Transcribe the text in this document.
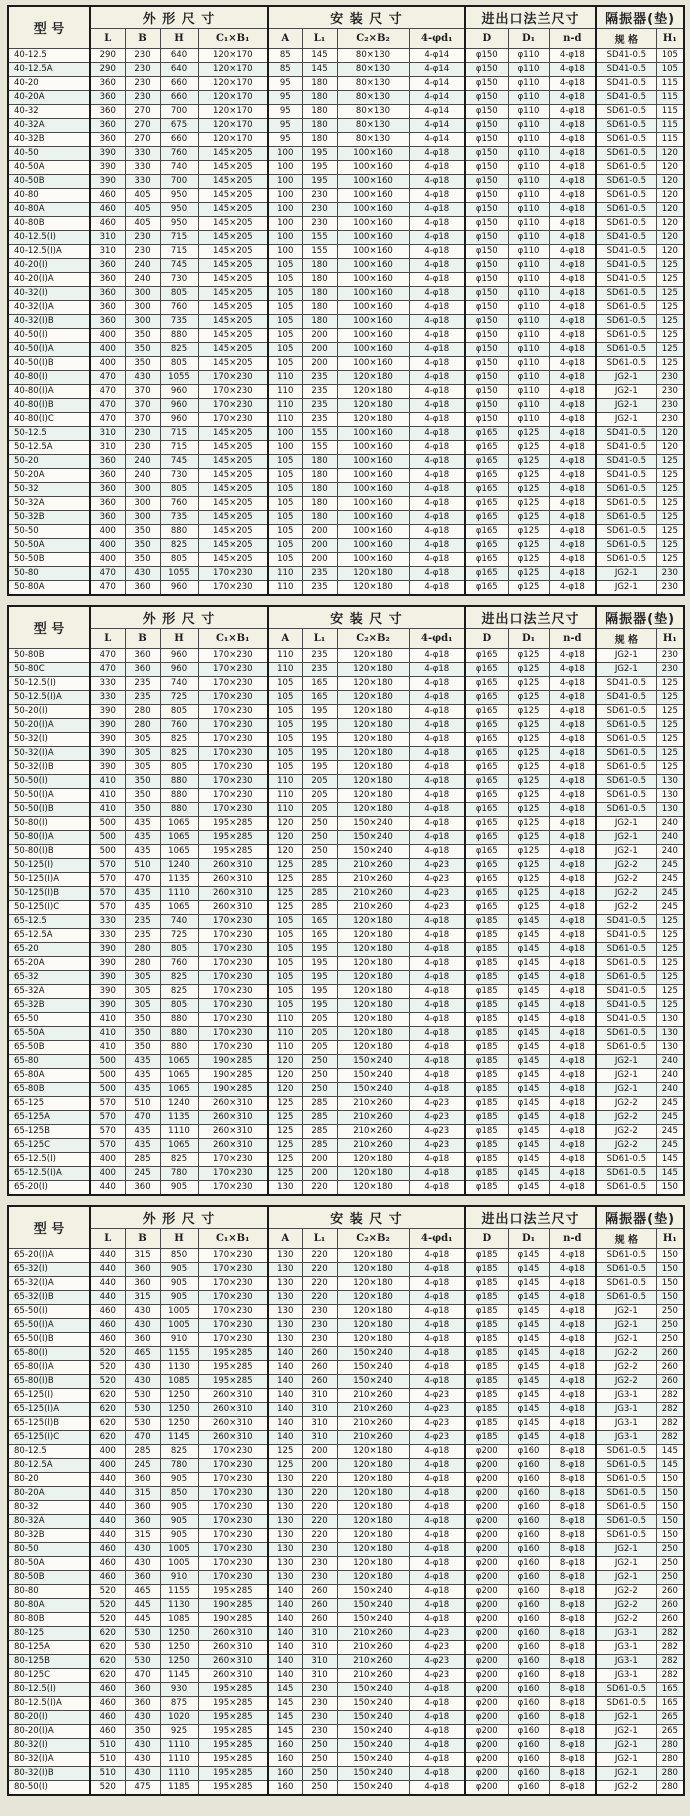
型 号	外 形 尺 寸				安 装 尺 寸				进出口法兰尺寸			隔振器(垫)	
	L	B	H	C₁×B₁	A	L₁	C₂×B₂	4-φd₁	D	D₁	n-d	规 格	H₁
40-12.5	290	230	640	120×170	85	145	80×130	4-φ14	φ150	φ110	4-φ18	SD41-0.5	105
40-12.5A	290	230	640	120×170	85	145	80×130	4-φ14	φ150	φ110	4-φ18	SD41-0.5	105
40-20	360	230	660	120×170	95	180	80×130	4-φ14	φ150	φ110	4-φ18	SD41-0.5	115
40-20A	360	230	660	120×170	95	180	80×130	4-φ14	φ150	φ110	4-φ18	SD41-0.5	115
40-32	360	270	700	120×170	95	180	80×130	4-φ14	φ150	φ110	4-φ18	SD61-0.5	115
40-32A	360	270	675	120×170	95	180	80×130	4-φ14	φ150	φ110	4-φ18	SD61-0.5	115
40-32B	360	270	660	120×170	95	180	80×130	4-φ14	φ150	φ110	4-φ18	SD61-0.5	115
40-50	390	330	760	145×205	100	195	100×160	4-φ18	φ150	φ110	4-φ18	SD61-0.5	120
40-50A	390	330	740	145×205	100	195	100×160	4-φ18	φ150	φ110	4-φ18	SD61-0.5	120
40-50B	390	330	700	145×205	100	195	100×160	4-φ18	φ150	φ110	4-φ18	SD61-0.5	120
40-80	460	405	950	145×205	100	230	100×160	4-φ18	φ150	φ110	4-φ18	SD61-0.5	120
40-80A	460	405	950	145×205	100	230	100×160	4-φ18	φ150	φ110	4-φ18	SD61-0.5	120
40-80B	460	405	950	145×205	100	230	100×160	4-φ18	φ150	φ110	4-φ18	SD61-0.5	120
40-12.5(I)	310	230	715	145×205	100	155	100×160	4-φ18	φ150	φ110	4-φ18	SD41-0.5	120
40-12.5(I)A	310	230	715	145×205	100	155	100×160	4-φ18	φ150	φ110	4-φ18	SD41-0.5	120
40-20(I)	360	240	745	145×205	105	180	100×160	4-φ18	φ150	φ110	4-φ18	SD41-0.5	125
40-20(I)A	360	240	730	145×205	105	180	100×160	4-φ18	φ150	φ110	4-φ18	SD41-0.5	125
40-32(I)	360	300	805	145×205	105	180	100×160	4-φ18	φ150	φ110	4-φ18	SD61-0.5	125
40-32(I)A	360	300	760	145×205	105	180	100×160	4-φ18	φ150	φ110	4-φ18	SD61-0.5	125
40-32(I)B	360	300	735	145×205	105	180	100×160	4-φ18	φ150	φ110	4-φ18	SD61-0.5	125
40-50(I)	400	350	880	145×205	105	200	100×160	4-φ18	φ150	φ110	4-φ18	SD61-0.5	125
40-50(I)A	400	350	825	145×205	105	200	100×160	4-φ18	φ150	φ110	4-φ18	SD61-0.5	125
40-50(I)B	400	350	805	145×205	105	200	100×160	4-φ18	φ150	φ110	4-φ18	SD61-0.5	125
40-80(I)	470	430	1055	170×230	110	235	120×180	4-φ18	φ150	φ110	4-φ18	JG2-1	230
40-80(I)A	470	370	960	170×230	110	235	120×180	4-φ18	φ150	φ110	4-φ18	JG2-1	230
40-80(I)B	470	370	960	170×230	110	235	120×180	4-φ18	φ150	φ110	4-φ18	JG2-1	230
40-80(I)C	470	370	960	170×230	110	235	120×180	4-φ18	φ150	φ110	4-φ18	JG2-1	230
50-12.5	310	230	715	145×205	100	155	100×160	4-φ18	φ165	φ125	4-φ18	SD41-0.5	120
50-12.5A	310	230	715	145×205	100	155	100×160	4-φ18	φ165	φ125	4-φ18	SD41-0.5	120
50-20	360	240	745	145×205	105	180	100×160	4-φ18	φ165	φ125	4-φ18	SD41-0.5	125
50-20A	360	240	730	145×205	105	180	100×160	4-φ18	φ165	φ125	4-φ18	SD41-0.5	125
50-32	360	300	805	145×205	105	180	100×160	4-φ18	φ165	φ125	4-φ18	SD61-0.5	125
50-32A	360	300	760	145×205	105	180	100×160	4-φ18	φ165	φ125	4-φ18	SD61-0.5	125
50-32B	360	300	735	145×205	105	180	100×160	4-φ18	φ165	φ125	4-φ18	SD61-0.5	125
50-50	400	350	880	145×205	105	200	100×160	4-φ18	φ165	φ125	4-φ18	SD61-0.5	125
50-50A	400	350	825	145×205	105	200	100×160	4-φ18	φ165	φ125	4-φ18	SD61-0.5	125
50-50B	400	350	805	145×205	105	200	100×160	4-φ18	φ165	φ125	4-φ18	SD61-0.5	125
50-80	470	430	1055	170×230	110	235	120×180	4-φ18	φ165	φ125	4-φ18	JG2-1	230
50-80A	470	360	960	170×230	110	235	120×180	4-φ18	φ165	φ125	4-φ18	JG2-1	230
型 号	外 形 尺 寸				安 装 尺 寸				进出口法兰尺寸			隔振器(垫)	
	L	B	H	C₁×B₁	A	L₁	C₂×B₂	4-φd₁	D	D₁	n-d	规 格	H₁
50-80B	470	360	960	170×230	110	235	120×180	4-φ18	φ165	φ125	4-φ18	JG2-1	230
50-80C	470	360	960	170×230	110	235	120×180	4-φ18	φ165	φ125	4-φ18	JG2-1	230
50-12.5(I)	330	235	740	170×230	105	165	120×180	4-φ18	φ165	φ125	4-φ18	SD41-0.5	125
50-12.5(I)A	330	235	725	170×230	105	165	120×180	4-φ18	φ165	φ125	4-φ18	SD41-0.5	125
50-20(I)	390	280	805	170×230	105	195	120×180	4-φ18	φ165	φ125	4-φ18	SD61-0.5	125
50-20(I)A	390	280	760	170×230	105	195	120×180	4-φ18	φ165	φ125	4-φ18	SD61-0.5	125
50-32(I)	390	305	825	170×230	105	195	120×180	4-φ18	φ165	φ125	4-φ18	SD61-0.5	125
50-32(I)A	390	305	825	170×230	105	195	120×180	4-φ18	φ165	φ125	4-φ18	SD61-0.5	125
50-32(I)B	390	305	805	170×230	105	195	120×180	4-φ18	φ165	φ125	4-φ18	SD61-0.5	125
50-50(I)	410	350	880	170×230	110	205	120×180	4-φ18	φ165	φ125	4-φ18	SD61-0.5	130
50-50(I)A	410	350	880	170×230	110	205	120×180	4-φ18	φ165	φ125	4-φ18	SD61-0.5	130
50-50(I)B	410	350	880	170×230	110	205	120×180	4-φ18	φ165	φ125	4-φ18	SD61-0.5	130
50-80(I)	500	435	1065	195×285	120	250	150×240	4-φ18	φ165	φ125	4-φ18	JG2-1	240
50-80(I)A	500	435	1065	195×285	120	250	150×240	4-φ18	φ165	φ125	4-φ18	JG2-1	240
50-80(I)B	500	435	1065	195×285	120	250	150×240	4-φ18	φ165	φ125	4-φ18	JG2-1	240
50-125(I)	570	510	1240	260×310	125	285	210×260	4-φ23	φ165	φ125	4-φ18	JG2-2	245
50-125(I)A	570	470	1135	260×310	125	285	210×260	4-φ23	φ165	φ125	4-φ18	JG2-2	245
50-125(I)B	570	435	1110	260×310	125	285	210×260	4-φ23	φ165	φ125	4-φ18	JG2-2	245
50-125(I)C	570	435	1065	260×310	125	285	210×260	4-φ23	φ165	φ125	4-φ18	JG2-2	245
65-12.5	330	235	740	170×230	105	165	120×180	4-φ18	φ185	φ145	4-φ18	SD41-0.5	125
65-12.5A	330	235	725	170×230	105	165	120×180	4-φ18	φ185	φ145	4-φ18	SD41-0.5	125
65-20	390	280	805	170×230	105	195	120×180	4-φ18	φ185	φ145	4-φ18	SD61-0.5	125
65-20A	390	280	760	170×230	105	195	120×180	4-φ18	φ185	φ145	4-φ18	SD61-0.5	125
65-32	390	305	825	170×230	105	195	120×180	4-φ18	φ185	φ145	4-φ18	SD61-0.5	125
65-32A	390	305	825	170×230	105	195	120×180	4-φ18	φ185	φ145	4-φ18	SD41-0.5	125
65-32B	390	305	805	170×230	105	195	120×180	4-φ18	φ185	φ145	4-φ18	SD41-0.5	125
65-50	410	350	880	170×230	110	205	120×180	4-φ18	φ185	φ145	4-φ18	SD41-0.5	130
65-50A	410	350	880	170×230	110	205	120×180	4-φ18	φ185	φ145	4-φ18	SD61-0.5	130
65-50B	410	350	880	170×230	110	205	120×180	4-φ18	φ185	φ145	4-φ18	SD61-0.5	130
65-80	500	435	1065	190×285	120	250	150×240	4-φ18	φ185	φ145	4-φ18	JG2-1	240
65-80A	500	435	1065	190×285	120	250	150×240	4-φ18	φ185	φ145	4-φ18	JG2-1	240
65-80B	500	435	1065	190×285	120	250	150×240	4-φ18	φ185	φ145	4-φ18	JG2-1	240
65-125	570	510	1240	260×310	125	285	210×260	4-φ23	φ185	φ145	4-φ18	JG2-2	245
65-125A	570	470	1135	260×310	125	285	210×260	4-φ23	φ185	φ145	4-φ18	JG2-2	245
65-125B	570	435	1110	260×310	125	285	210×260	4-φ23	φ185	φ145	4-φ18	JG2-2	245
65-125C	570	435	1065	260×310	125	285	210×260	4-φ23	φ185	φ145	4-φ18	JG2-2	245
65-12.5(I)	400	285	825	170×230	125	200	120×180	4-φ18	φ185	φ145	4-φ18	SD61-0.5	145
65-12.5(I)A	400	245	780	170×230	125	200	120×180	4-φ18	φ185	φ145	4-φ18	SD61-0.5	145
65-20(I)	440	360	905	170×230	130	220	120×180	4-φ18	φ185	φ145	4-φ18	SD61-0.5	150
型 号	外 形 尺 寸				安 装 尺 寸				进出口法兰尺寸			隔振器(垫)	
	L	B	H	C₁×B₁	A	L₁	C₂×B₂	4-φd₁	D	D₁	n-d	规 格	H₁
65-20(I)A	440	315	850	170×230	130	220	120×180	4-φ18	φ185	φ145	4-φ18	SD61-0.5	150
65-32(I)	440	360	905	170×230	130	220	120×180	4-φ18	φ185	φ145	4-φ18	SD61-0.5	150
65-32(I)A	440	360	905	170×230	130	220	120×180	4-φ18	φ185	φ145	4-φ18	SD61-0.5	150
65-32(I)B	440	315	905	170×230	130	220	120×180	4-φ18	φ185	φ145	4-φ18	SD61-0.5	150
65-50(I)	460	430	1005	170×230	130	230	120×180	4-φ18	φ185	φ145	4-φ18	JG2-1	250
65-50(I)A	460	430	1005	170×230	130	230	120×180	4-φ18	φ185	φ145	4-φ18	JG2-1	250
65-50(I)B	460	360	910	170×230	130	230	120×180	4-φ18	φ185	φ145	4-φ18	JG2-1	250
65-80(I)	520	465	1155	195×285	140	260	150×240	4-φ18	φ185	φ145	4-φ18	JG2-2	260
65-80(I)A	520	430	1130	195×285	140	260	150×240	4-φ18	φ185	φ145	4-φ18	JG2-2	260
65-80(I)B	520	430	1085	195×285	140	260	150×240	4-φ18	φ185	φ145	4-φ18	JG2-2	260
65-125(I)	620	530	1250	260×310	140	310	210×260	4-φ23	φ185	φ145	4-φ18	JG3-1	282
65-125(I)A	620	530	1250	260×310	140	310	210×260	4-φ23	φ185	φ145	4-φ18	JG3-1	282
65-125(I)B	620	530	1250	260×310	140	310	210×260	4-φ23	φ185	φ145	4-φ18	JG3-1	282
65-125(I)C	620	470	1145	260×310	140	310	210×260	4-φ23	φ185	φ145	4-φ18	JG3-1	282
80-12.5	400	285	825	170×230	125	200	120×180	4-φ18	φ200	φ160	8-φ18	SD61-0.5	145
80-12.5A	400	245	780	170×230	125	200	120×180	4-φ18	φ200	φ160	8-φ18	SD61-0.5	145
80-20	440	360	905	170×230	130	220	120×180	4-φ18	φ200	φ160	8-φ18	SD61-0.5	150
80-20A	440	315	850	170×230	130	220	120×180	4-φ18	φ200	φ160	8-φ18	SD61-0.5	150
80-32	440	360	905	170×230	130	220	120×180	4-φ18	φ200	φ160	8-φ18	SD61-0.5	150
80-32A	440	360	905	170×230	130	220	120×180	4-φ18	φ200	φ160	8-φ18	SD61-0.5	150
80-32B	440	315	905	170×230	130	220	120×180	4-φ18	φ200	φ160	8-φ18	SD61-0.5	150
80-50	460	430	1005	170×230	130	230	120×180	4-φ18	φ200	φ160	8-φ18	JG2-1	250
80-50A	460	430	1005	170×230	130	230	120×180	4-φ18	φ200	φ160	8-φ18	JG2-1	250
80-50B	460	360	910	170×230	130	230	120×180	4-φ18	φ200	φ160	8-φ18	JG2-1	250
80-80	520	465	1155	195×285	140	260	150×240	4-φ18	φ200	φ160	8-φ18	JG2-2	260
80-80A	520	445	1130	190×285	140	260	150×240	4-φ18	φ200	φ160	8-φ18	JG2-2	260
80-80B	520	445	1085	190×285	140	260	150×240	4-φ18	φ200	φ160	8-φ18	JG2-2	260
80-125	620	530	1250	260×310	140	310	210×260	4-φ23	φ200	φ160	8-φ18	JG3-1	282
80-125A	620	530	1250	260×310	140	310	210×260	4-φ23	φ200	φ160	8-φ18	JG3-1	282
80-125B	620	530	1250	260×310	140	310	210×260	4-φ23	φ200	φ160	8-φ18	JG3-1	282
80-125C	620	470	1145	260×310	140	310	210×260	4-φ23	φ200	φ160	8-φ18	JG3-1	282
80-12.5(I)	460	360	930	195×285	145	230	150×240	4-φ18	φ200	φ160	8-φ18	SD61-0.5	165
80-12.5(I)A	460	360	875	195×285	145	230	150×240	4-φ18	φ200	φ160	8-φ18	SD61-0.5	165
80-20(I)	460	430	1020	195×285	145	230	150×240	4-φ18	φ200	φ160	8-φ18	JG2-1	265
80-20(I)A	460	350	925	195×285	145	230	150×240	4-φ18	φ200	φ160	8-φ18	JG2-1	265
80-32(I)	510	430	1110	195×285	160	250	150×240	4-φ18	φ200	φ160	8-φ18	JG2-1	280
80-32(I)A	510	430	1110	195×285	160	250	150×240	4-φ18	φ200	φ160	8-φ18	JG2-1	280
80-32(I)B	510	430	1110	195×285	160	250	150×240	4-φ18	φ200	φ160	8-φ18	JG2-1	280
80-50(I)	520	475	1185	195×285	160	250	150×240	4-φ18	φ200	φ160	8-φ18	JG2-2	280
